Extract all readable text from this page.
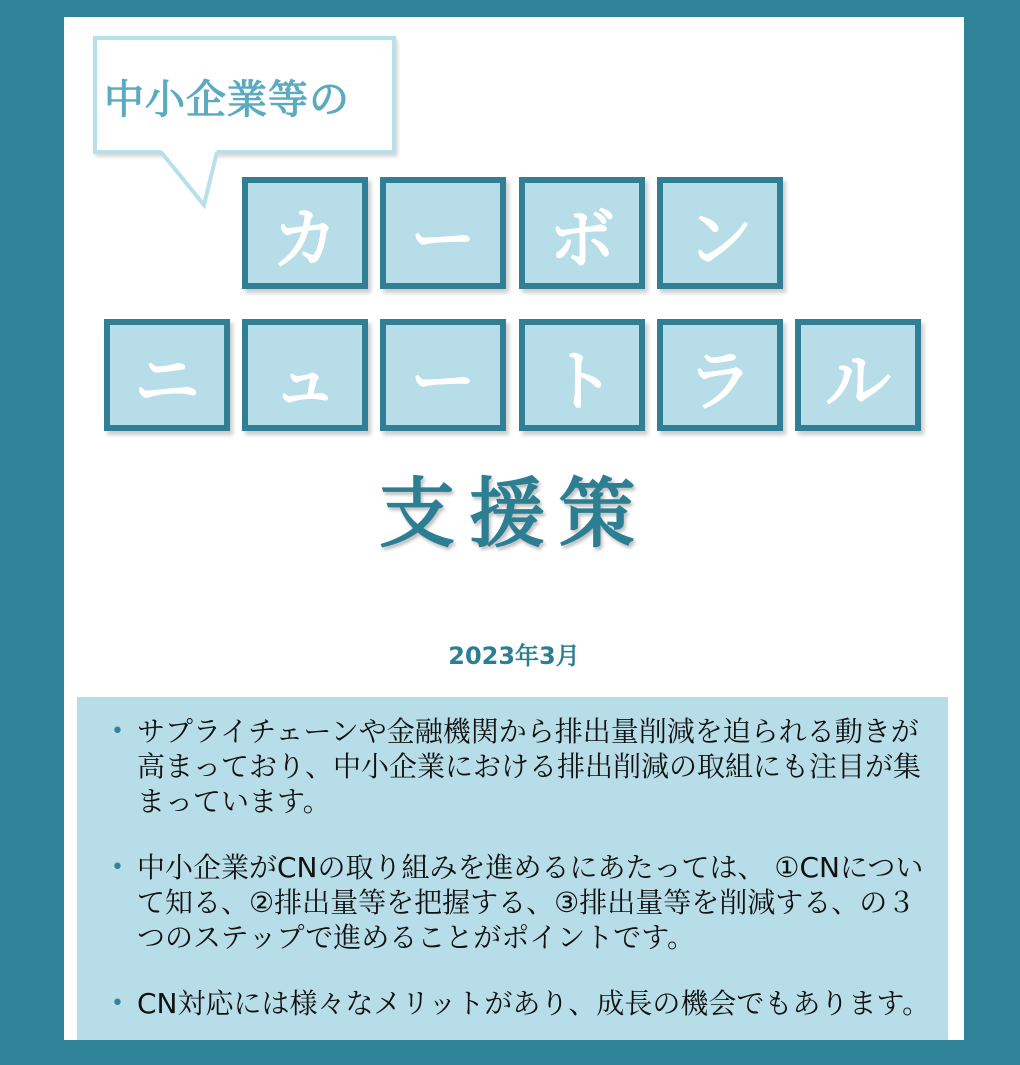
中小企業等の
カ	ー	ボ	ン
ニ	ュ	ー	ト	ラ	ル
支援策
2023年3月
• サプライチェーンや金融機関から排出量削減を迫られる動きが高まっており、中小企業における排出削減の取組にも注目が集まっています。
• 中小企業がCNの取り組みを進めるにあたっては、 ①CNについて知る、②排出量等を把握する、③排出量等を削減する、の３つのステップで進めることがポイントです。
• CN対応には様々なメリットがあり、成長の機会でもあります。
